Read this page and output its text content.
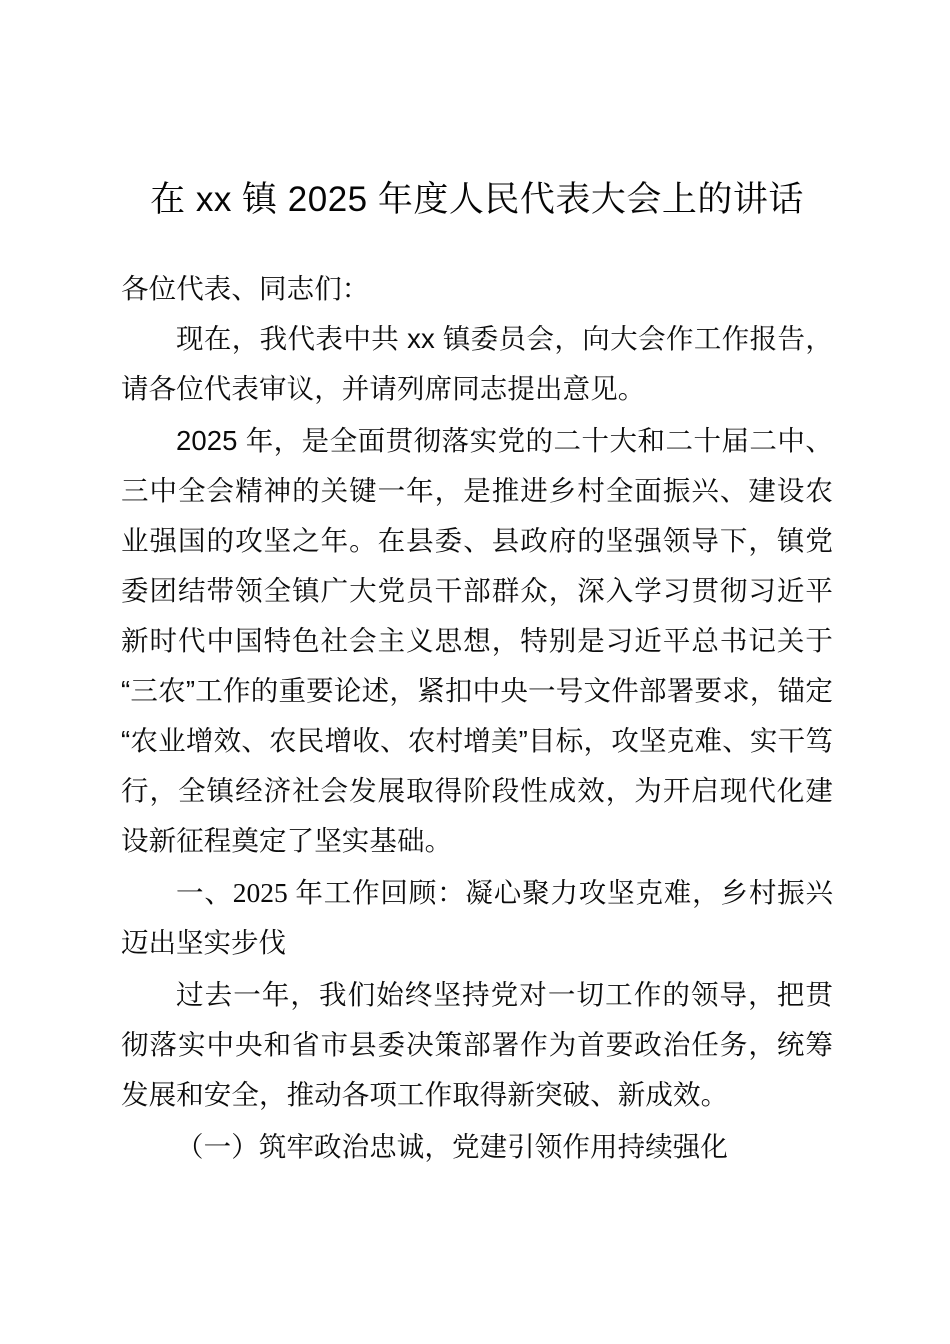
在 xx 镇 2025 年度人民代表大会上的讲话

各位代表、同志们：

现在，我代表中共 xx 镇委员会，向大会作工作报告，请各位代表审议，并请列席同志提出意见。

2025 年，是全面贯彻落实党的二十大和二十届二中、三中全会精神的关键一年，是推进乡村全面振兴、建设农业强国的攻坚之年。在县委、县政府的坚强领导下，镇党委团结带领全镇广大党员干部群众，深入学习贯彻习近平新时代中国特色社会主义思想，特别是习近平总书记关于“三农”工作的重要论述，紧扣中央一号文件部署要求，锚定“农业增效、农民增收、农村增美”目标，攻坚克难、实干笃行，全镇经济社会发展取得阶段性成效，为开启现代化建设新征程奠定了坚实基础。

一、2025 年工作回顾：凝心聚力攻坚克难，乡村振兴迈出坚实步伐

过去一年，我们始终坚持党对一切工作的领导，把贯彻落实中央和省市县委决策部署作为首要政治任务，统筹发展和安全，推动各项工作取得新突破、新成效。

（一）筑牢政治忠诚，党建引领作用持续强化
